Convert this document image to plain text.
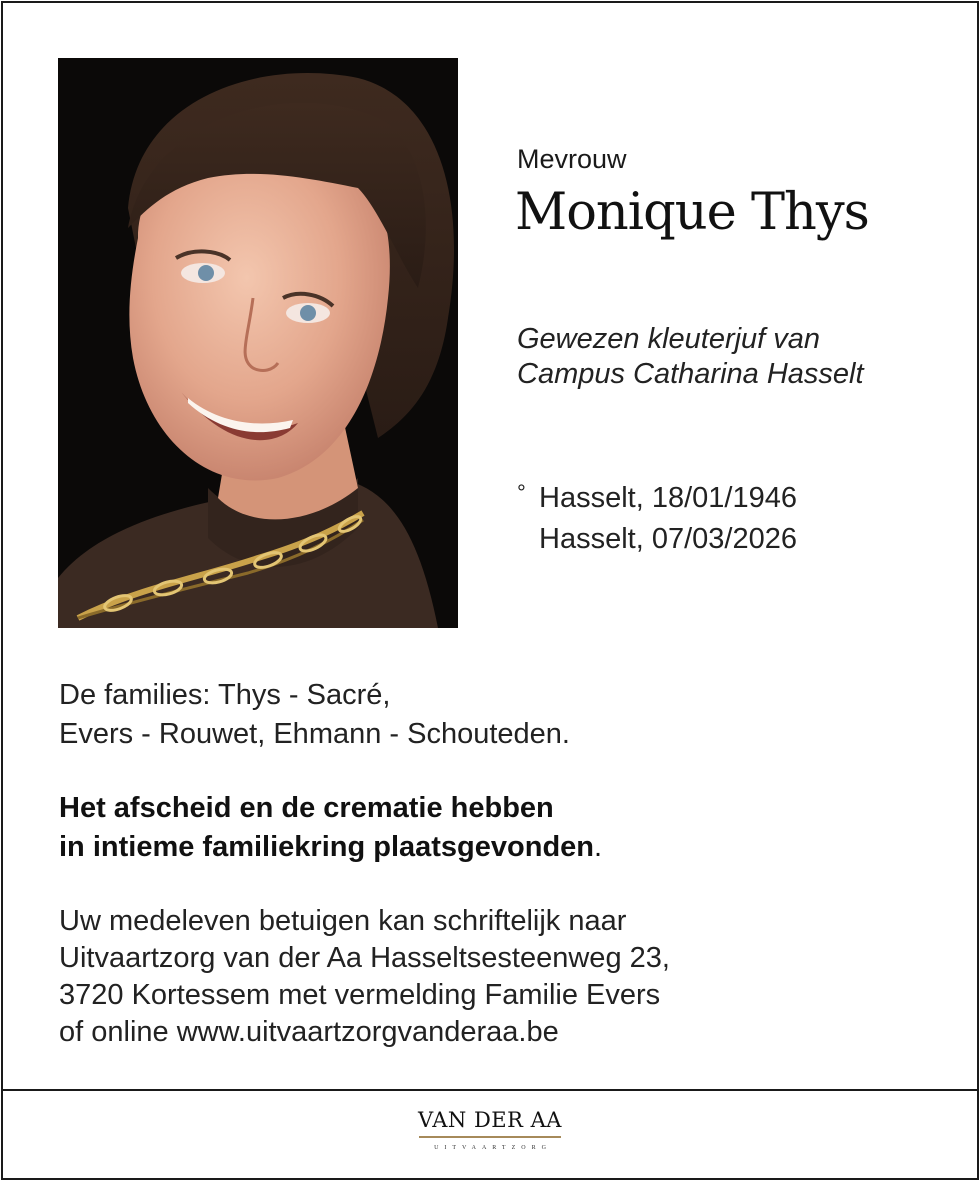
Mevrouw
Monique Thys
Gewezen kleuterjuf van
Campus Catharina Hasselt
° Hasselt, 18/01/1946
Hasselt, 07/03/2026
De families: Thys - Sacré,
Evers - Rouwet, Ehmann - Schouteden.
Het afscheid en de crematie hebben
in intieme familiekring plaatsgevonden.
Uw medeleven betuigen kan schriftelijk naar
Uitvaartzorg van der Aa Hasseltsesteenweg 23,
3720 Kortessem met vermelding Familie Evers
of online www.uitvaartzorgvanderaa.be
VAN DER AA
UITVAARTZORG
